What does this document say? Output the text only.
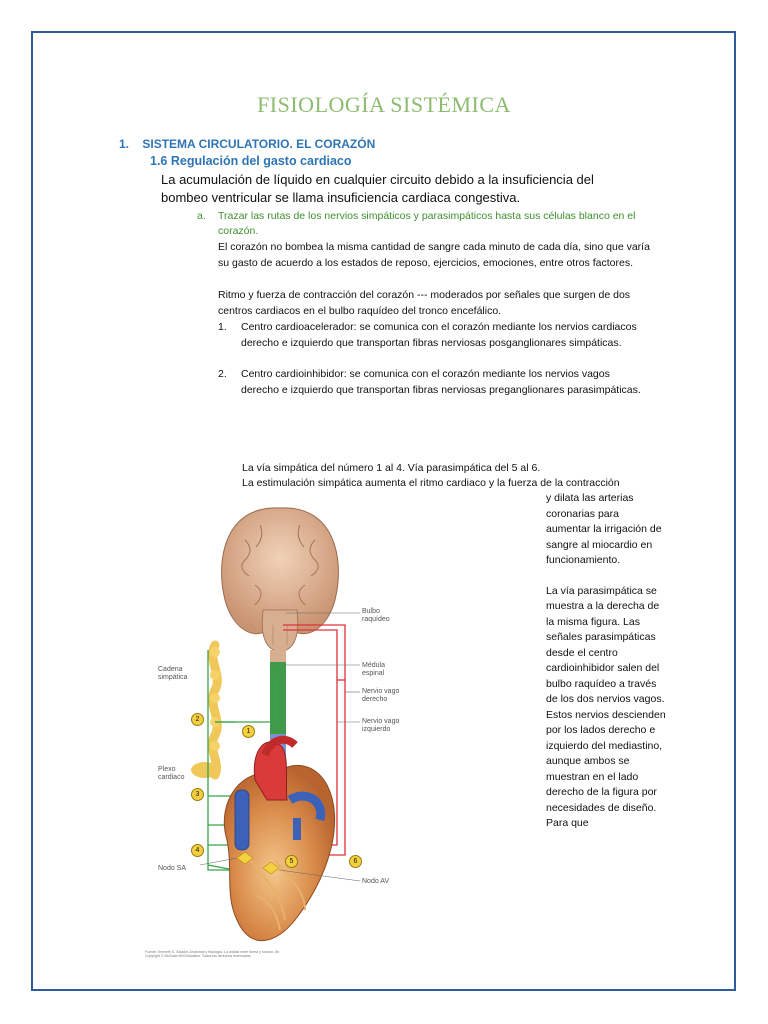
FISIOLOGÍA SISTÉMICA
1. SISTEMA CIRCULATORIO. EL CORAZÓN
1.6 Regulación del gasto cardiaco
La acumulación de líquido en cualquier circuito debido a la insuficiencia del bombeo ventricular se llama insuficiencia cardiaca congestiva.
a. Trazar las rutas de los nervios simpáticos y parasimpáticos hasta sus células blanco en el corazón.
El corazón no bombea la misma cantidad de sangre cada minuto de cada día, sino que varía su gasto de acuerdo a los estados de reposo, ejercicios, emociones, entre otros factores.
Ritmo y fuerza de contracción del corazón --- moderados por señales que surgen de dos centros cardiacos en el bulbo raquídeo del tronco encefálico.
1. Centro cardioacelerador: se comunica con el corazón mediante los nervios cardiacos derecho e izquierdo que transportan fibras nerviosas posganglionares simpáticas.
2. Centro cardioinhibidor: se comunica con el corazón mediante los nervios vagos derecho e izquierdo que transportan fibras nerviosas preganglionares parasimpáticas.
La vía simpática del número 1 al 4. Vía parasimpática del 5 al 6.
La estimulación simpática aumenta el ritmo cardiaco y la fuerza de la contracción
y dilata las arterias coronarias para aumentar la irrigación de sangre al miocardio en funcionamiento.
La vía parasimpática se muestra a la derecha de la misma figura. Las señales parasimpáticas desde el centro cardioinhibidor salen del bulbo raquídeo a través de los dos nervios vagos. Estos nervios descienden por los lados derecho e izquierdo del mediastino, aunque ambos se muestran en el lado derecho de la figura por necesidades de diseño. Para que
Bulbo
raquídeo
Médula
espinal
Nervio vago
derecho
Nervio vago
izquierdo
Cadena
simpática
Plexo
cardiaco
Nodo SA
Nodo AV
1
2
3
4
5	6
Fuente: Kenneth S. Saladin: Anatomía y fisiología. La unidad entre forma y función, 6e.
Copyright © McGraw-Hill Education. Todos los derechos reservados.
